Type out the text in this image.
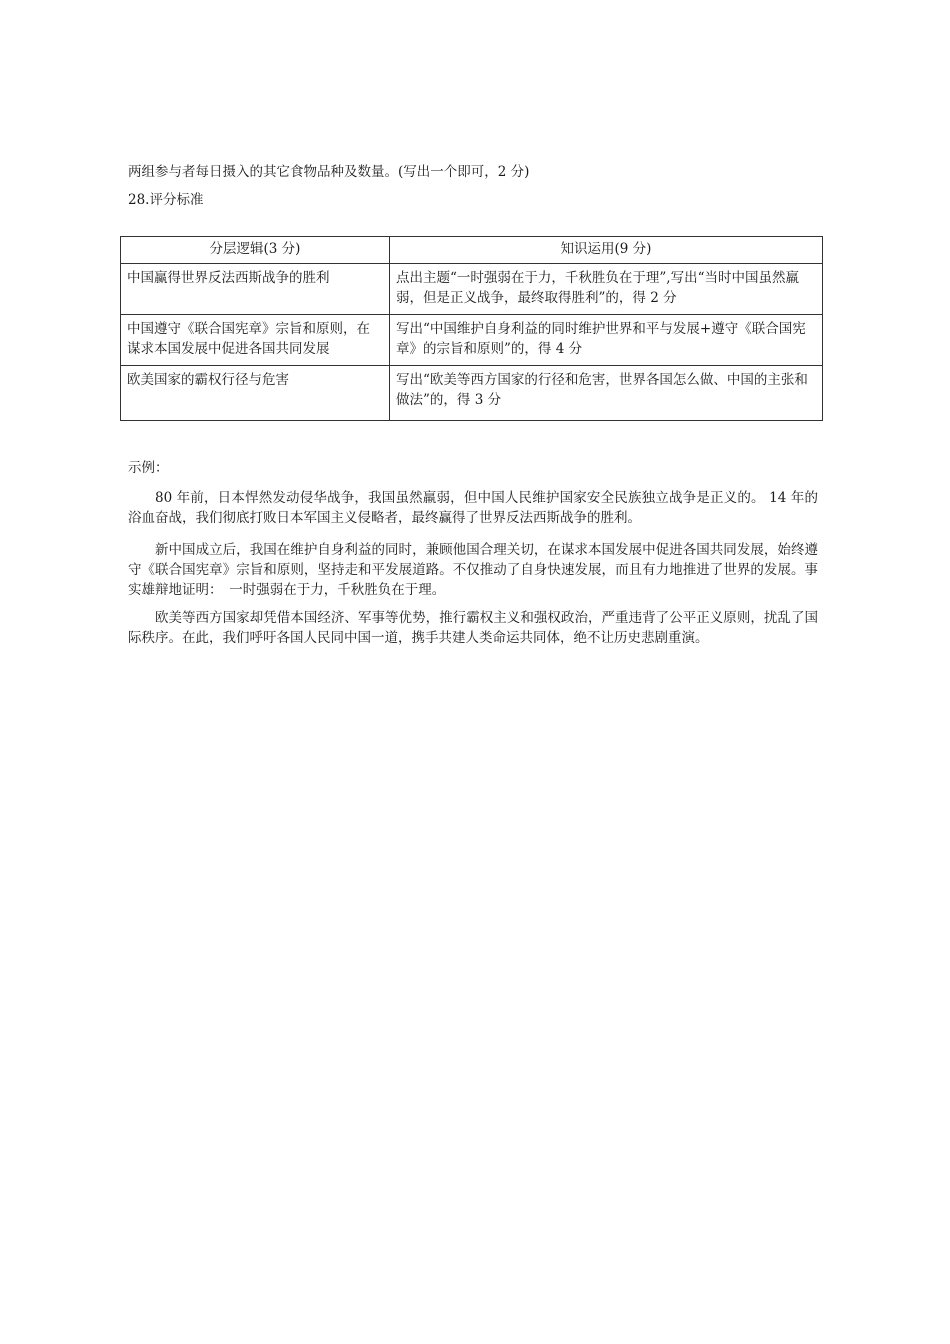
两组参与者每日摄入的其它食物品种及数量。(写出一个即可，2 分)
28.评分标准
分层逻辑(3 分)	知识运用(9 分)
中国赢得世界反法西斯战争的胜利	点出主题“一时强弱在于力，千秋胜负在于理”,写出“当时中国虽然羸弱，但是正义战争，最终取得胜利”的，得 2 分
中国遵守《联合国宪章》宗旨和原则，在谋求本国发展中促进各国共同发展	写出“中国维护自身利益的同时维护世界和平与发展+遵守《联合国宪章》的宗旨和原则”的，得 4 分
欧美国家的霸权行径与危害	写出“欧美等西方国家的行径和危害，世界各国怎么做、中国的主张和做法”的，得 3 分
示例：

80 年前，日本悍然发动侵华战争，我国虽然羸弱，但中国人民维护国家安全民族独立战争是正义的。 14 年的浴血奋战，我们彻底打败日本军国主义侵略者，最终赢得了世界反法西斯战争的胜利。

新中国成立后，我国在维护自身利益的同时，兼顾他国合理关切，在谋求本国发展中促进各国共同发展，始终遵守《联合国宪章》宗旨和原则，坚持走和平发展道路。不仅推动了自身快速发展，而且有力地推进了世界的发展。事实雄辩地证明：　一时强弱在于力，千秋胜负在于理。

欧美等西方国家却凭借本国经济、军事等优势，推行霸权主义和强权政治，严重违背了公平正义原则，扰乱了国际秩序。在此，我们呼吁各国人民同中国一道，携手共建人类命运共同体，绝不让历史悲剧重演。
